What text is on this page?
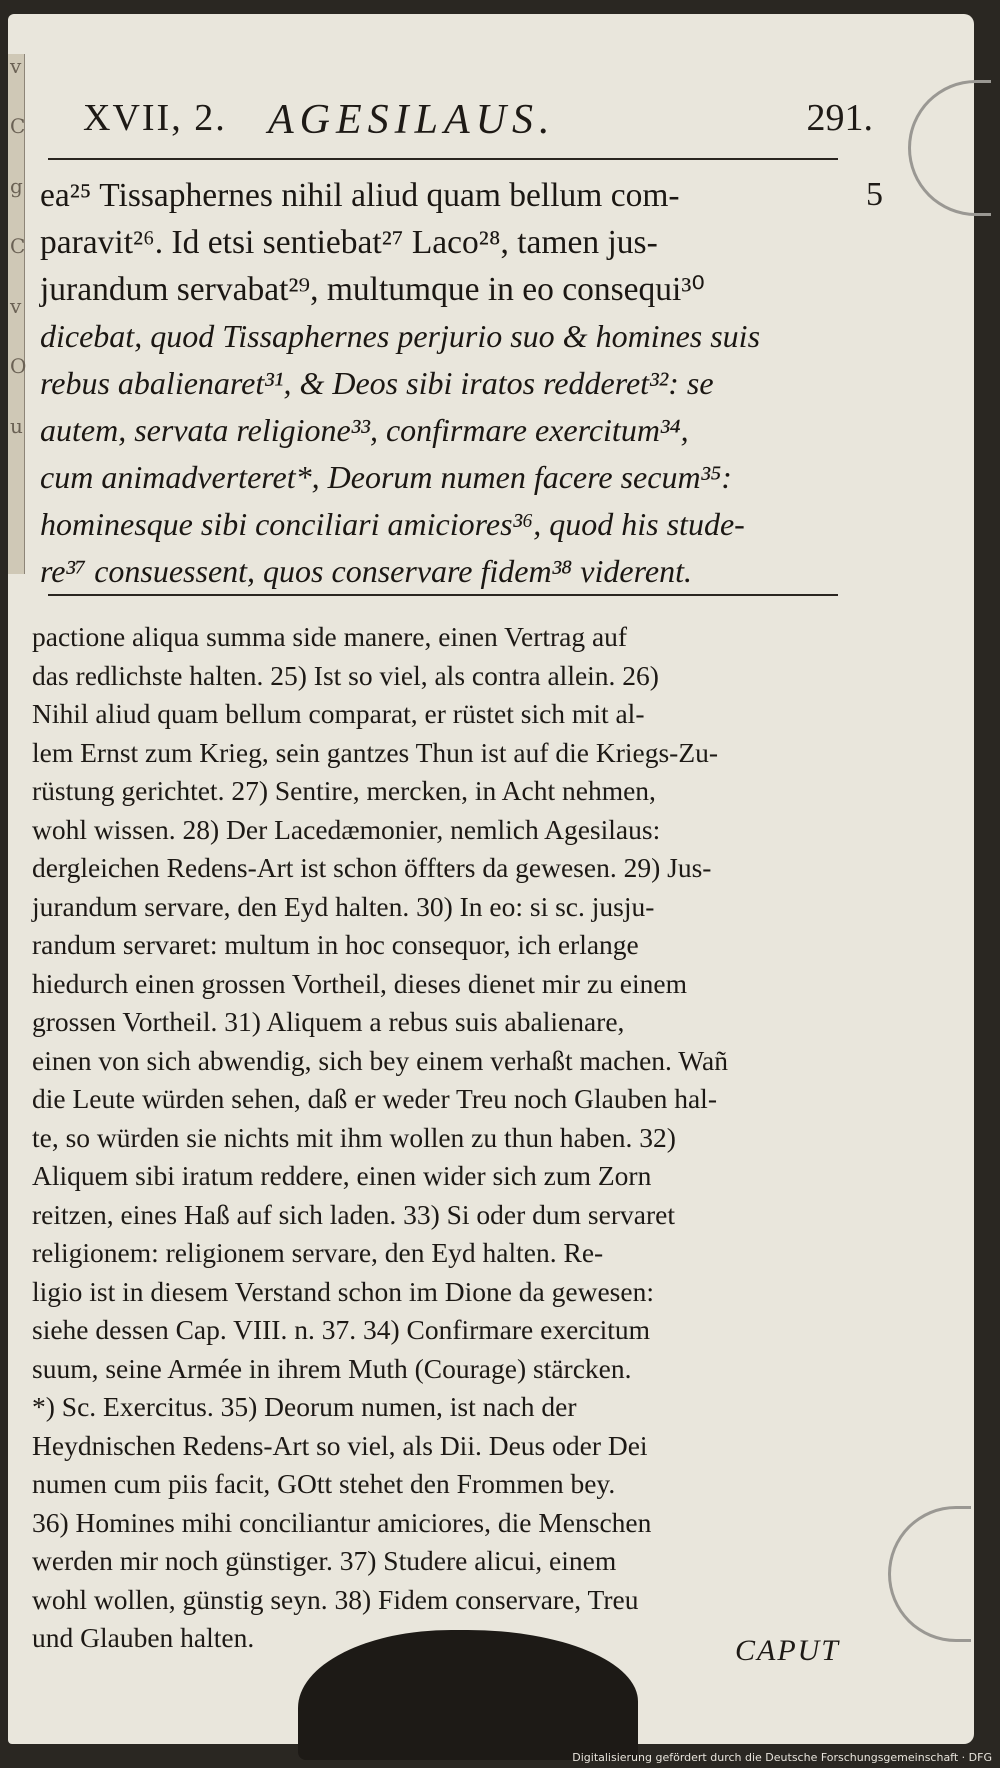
v
C
g
C
v
O
u
XVII, 2. AGESILAUS.	291.
5
ea²⁵ Tissaphernes nihil aliud quam bellum com-
paravit²⁶. Id etsi sentiebat²⁷ Laco²⁸, tamen jus-
jurandum servabat²⁹, multumque in eo consequi³⁰
dicebat, quod Tissaphernes perjurio suo & homines suis
rebus abalienaret³¹, & Deos sibi iratos redderet³²: se
autem, servata religione³³, confirmare exercitum³⁴,
cum animadverteret*, Deorum numen facere secum³⁵:
hominesque sibi conciliari amiciores³⁶, quod his stude-
re³⁷ consuessent, quos conservare fidem³⁸ viderent.
pactione aliqua summa side manere, einen Vertrag auf
das redlichste halten. 25) Ist so viel, als contra allein. 26)
Nihil aliud quam bellum comparat, er rüstet sich mit al-
lem Ernst zum Krieg, sein gantzes Thun ist auf die Kriegs-Zu-
rüstung gerichtet. 27) Sentire, mercken, in Acht nehmen,
wohl wissen. 28) Der Lacedæmonier, nemlich Agesilaus:
dergleichen Redens-Art ist schon öffters da gewesen. 29) Jus-
jurandum servare, den Eyd halten. 30) In eo: si sc. jusju-
randum servaret: multum in hoc consequor, ich erlange
hiedurch einen grossen Vortheil, dieses dienet mir zu einem
grossen Vortheil. 31) Aliquem a rebus suis abalienare,
einen von sich abwendig, sich bey einem verhaßt machen. Wañ
die Leute würden sehen, daß er weder Treu noch Glauben hal-
te, so würden sie nichts mit ihm wollen zu thun haben. 32)
Aliquem sibi iratum reddere, einen wider sich zum Zorn
reitzen, eines Haß auf sich laden. 33) Si oder dum servaret
religionem: religionem servare, den Eyd halten. Re-
ligio ist in diesem Verstand schon im Dione da gewesen:
siehe dessen Cap. VIII. n. 37. 34) Confirmare exercitum
suum, seine Armée in ihrem Muth (Courage) stärcken.
*) Sc. Exercitus. 35) Deorum numen, ist nach der
Heydnischen Redens-Art so viel, als Dii. Deus oder Dei
numen cum piis facit, GOtt stehet den Frommen bey.
36) Homines mihi conciliantur amiciores, die Menschen
werden mir noch günstiger. 37) Studere alicui, einem
wohl wollen, günstig seyn. 38) Fidem conservare, Treu
und Glauben halten.	CAPUT
Digitalisierung gefördert durch die Deutsche Forschungsgemeinschaft · DFG
